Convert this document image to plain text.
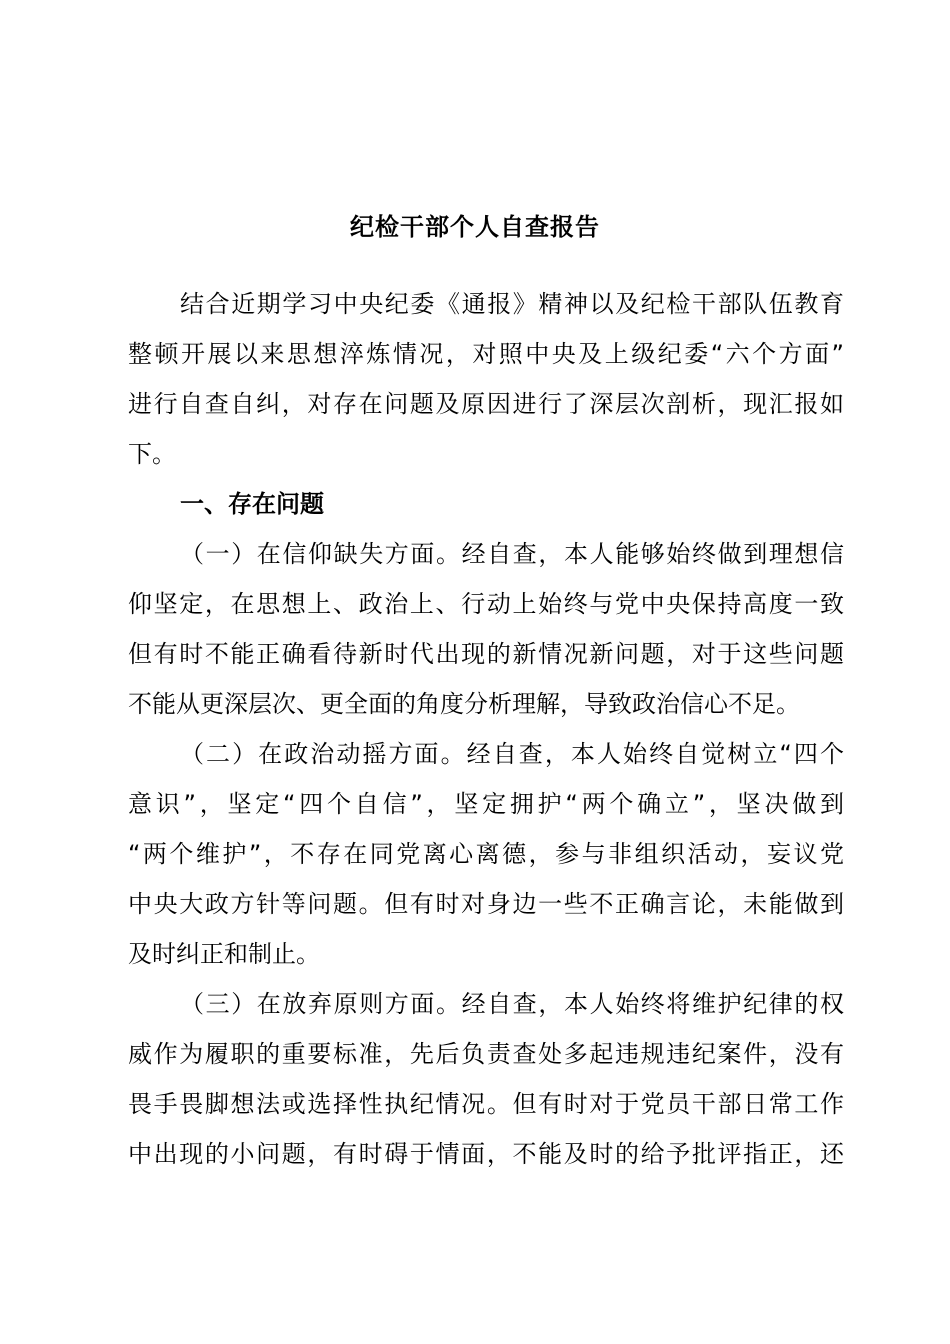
纪检干部个人自查报告
结合近期学习中央纪委《通报》精神以及纪检干部队伍教育
整顿开展以来思想淬炼情况，对照中央及上级纪委“六个方面”
进行自查自纠，对存在问题及原因进行了深层次剖析，现汇报如
下。
一、存在问题
（一）在信仰缺失方面。经自查，本人能够始终做到理想信
仰坚定，在思想上、政治上、行动上始终与党中央保持高度一致
但有时不能正确看待新时代出现的新情况新问题，对于这些问题
不能从更深层次、更全面的角度分析理解，导致政治信心不足。
（二）在政治动摇方面。经自查，本人始终自觉树立“四个
意识”，坚定“四个自信”，坚定拥护“两个确立”，坚决做到
“两个维护”，不存在同党离心离德，参与非组织活动，妄议党
中央大政方针等问题。但有时对身边一些不正确言论，未能做到
及时纠正和制止。
（三）在放弃原则方面。经自查，本人始终将维护纪律的权
威作为履职的重要标准，先后负责查处多起违规违纪案件，没有
畏手畏脚想法或选择性执纪情况。但有时对于党员干部日常工作
中出现的小问题，有时碍于情面，不能及时的给予批评指正，还
